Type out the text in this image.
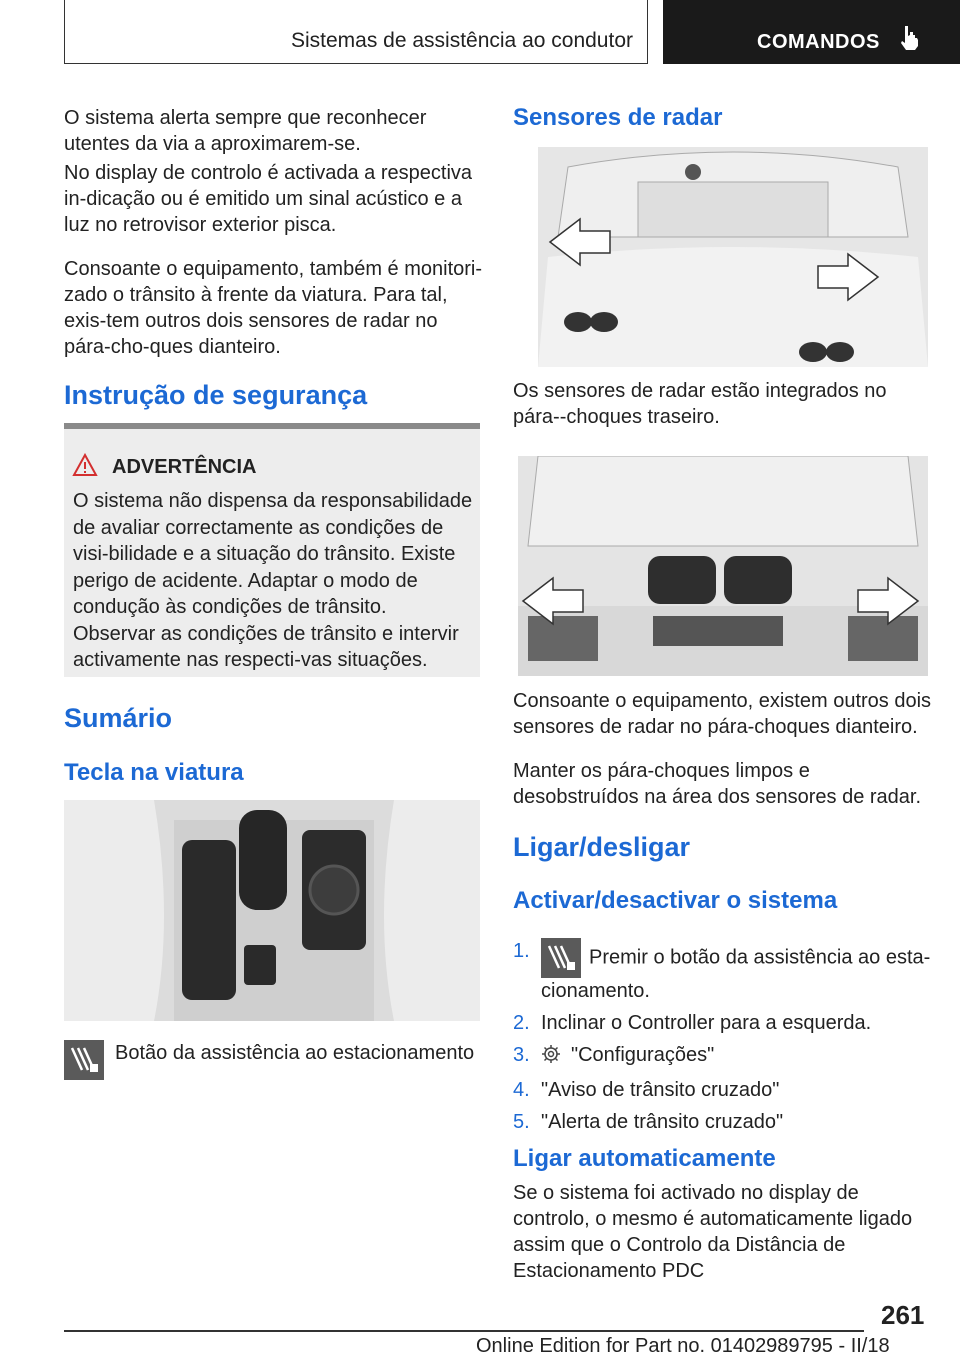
Sistemas de assistência ao condutor	COMANDOS

O sistema alerta sempre que reconhecer utentes da via a aproximarem-se.

No display de controlo é activada a respectiva in-dicação ou é emitido um sinal acústico e a luz no retrovisor exterior pisca.

Consoante o equipamento, também é monitori-zado o trânsito à frente da viatura. Para tal, exis-tem outros dois sensores de radar no pára-cho-ques dianteiro.

Instrução de segurança
ADVERTÊNCIA

O sistema não dispensa da responsabilidade de avaliar correctamente as condições de visi-bilidade e a situação do trânsito. Existe perigo de acidente. Adaptar o modo de condução às condições de trânsito. Observar as condições de trânsito e intervir activamente nas respecti-vas situações.

Sumário
Tecla na viatura

Botão da assistência ao estacionamento

Sensores de radar

Os sensores de radar estão integrados no pára--choques traseiro.

Consoante o equipamento, existem outros dois sensores de radar no pára-choques dianteiro.

Manter os pára-choques limpos e desobstruídos na área dos sensores de radar.

Ligar/desligar
Activar/desactivar o sistema
1.	Premir o botão da assistência ao esta-cionamento.
2. Inclinar o Controller para a esquerda.
3. "Configurações"
4. "Aviso de trânsito cruzado"
5. "Alerta de trânsito cruzado"
Ligar automaticamente

Se o sistema foi activado no display de controlo, o mesmo é automaticamente ligado assim que o Controlo da Distância de Estacionamento PDC

261
Online Edition for Part no. 01402989795 - II/18
